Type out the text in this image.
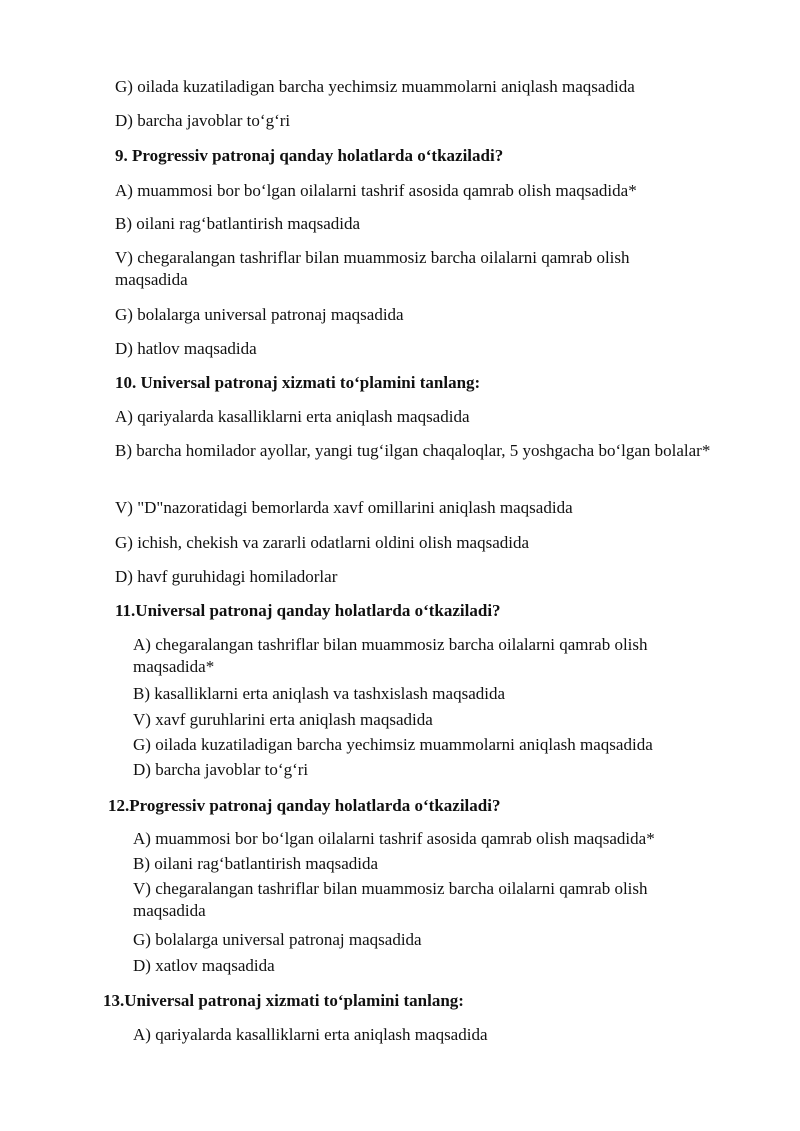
G) oilada kuzatiladigan barcha yechimsiz muammolarni aniqlash maqsadida
D) barcha javoblar to‘g‘ri
9. Progressiv patronaj qanday holatlarda o‘tkaziladi?
A) muammosi bor bo‘lgan oilalarni tashrif asosida qamrab olish maqsadida*
B) oilani rag‘batlantirish maqsadida
V) chegaralangan tashriflar bilan muammosiz barcha oilalarni qamrab olish maqsadida
G) bolalarga universal patronaj maqsadida
D) hatlov maqsadida
10. Universal patronaj xizmati to‘plamini tanlang:
A) qariyalarda kasalliklarni erta aniqlash maqsadida
B) barcha homilador ayollar, yangi tug‘ilgan chaqaloqlar, 5 yoshgacha bo‘lgan bolalar*
V) "D"nazoratidagi bemorlarda xavf omillarini aniqlash maqsadida
G) ichish, chekish va zararli odatlarni oldini olish maqsadida
D) havf guruhidagi homiladorlar
11.Universal patronaj qanday holatlarda o‘tkaziladi?
A) chegaralangan tashriflar bilan muammosiz barcha oilalarni qamrab olish maqsadida*
B) kasalliklarni erta aniqlash va tashxislash maqsadida
V) xavf guruhlarini erta aniqlash maqsadida
G) oilada kuzatiladigan barcha yechimsiz muammolarni aniqlash maqsadida
D) barcha javoblar to‘g‘ri
12.Progressiv patronaj qanday holatlarda o‘tkaziladi?
A) muammosi bor bo‘lgan oilalarni tashrif asosida qamrab olish maqsadida*
B) oilani rag‘batlantirish maqsadida
V) chegaralangan tashriflar bilan muammosiz barcha oilalarni qamrab olish maqsadida
G) bolalarga universal patronaj maqsadida
D) xatlov maqsadida
13.Universal patronaj xizmati to‘plamini tanlang:
A) qariyalarda kasalliklarni erta aniqlash maqsadida
